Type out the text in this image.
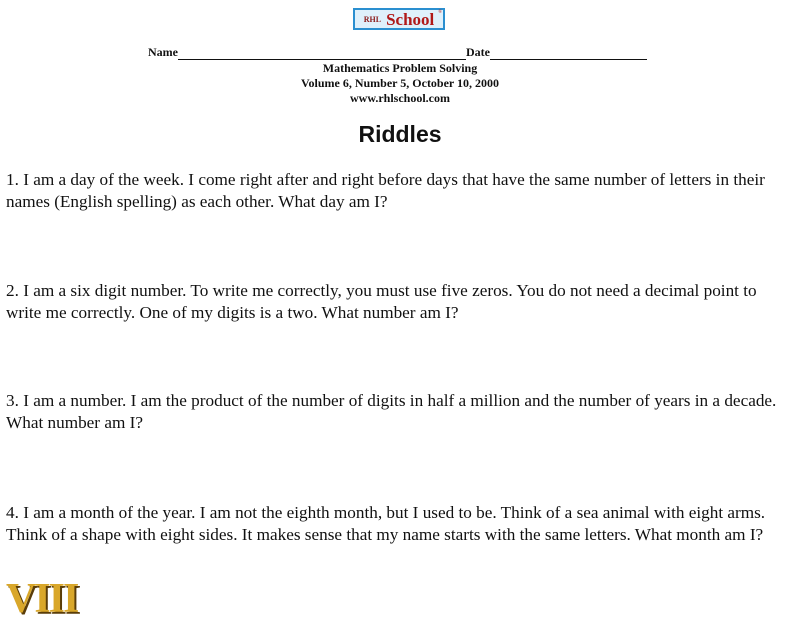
RHL School ®
Name	Date
Mathematics Problem Solving
Volume 6, Number 5, October 10, 2000
www.rhlschool.com
Riddles
1. I am a day of the week. I come right after and right before days that have the same number of letters in their names (English spelling) as each other. What day am I?
2. I am a six digit number. To write me correctly, you must use five zeros. You do not need a decimal point to write me correctly. One of my digits is a two. What number am I?
3. I am a number. I am the product of the number of digits in half a million and the number of years in a decade. What number am I?
4. I am a month of the year. I am not the eighth month, but I used to be. Think of a sea animal with eight arms. Think of a shape with eight sides. It makes sense that my name starts with the same letters. What month am I?
VIII
